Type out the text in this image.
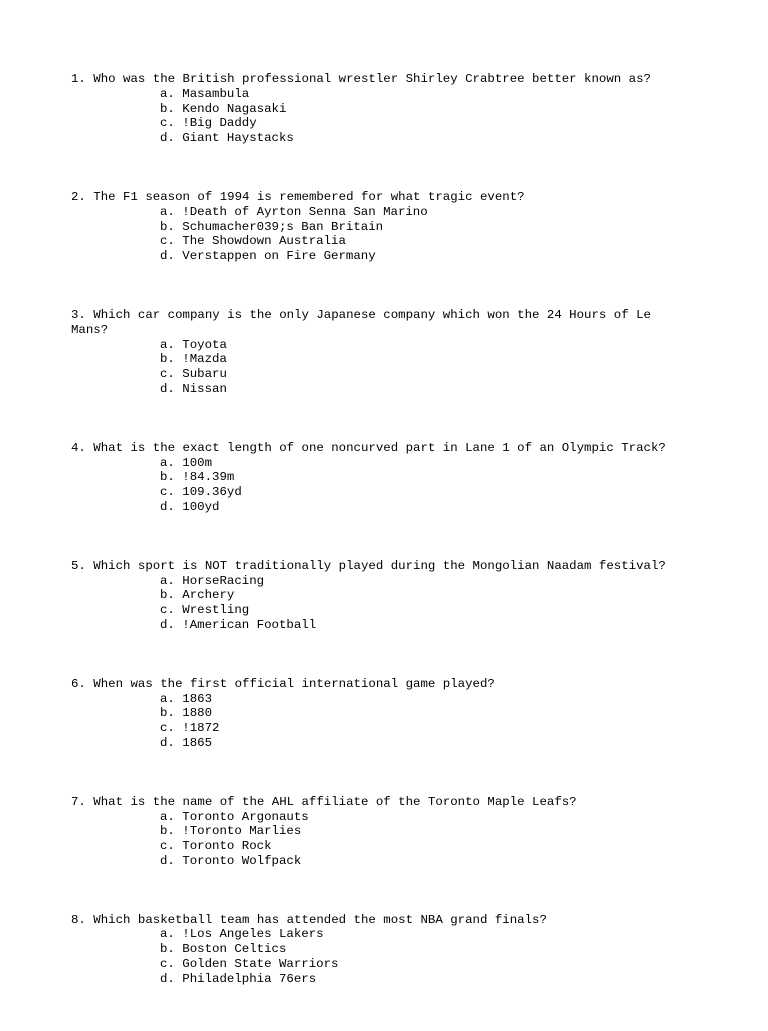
1. Who was the British professional wrestler Shirley Crabtree better known as?
a. Masambula
b. Kendo Nagasaki
c. !Big Daddy
d. Giant Haystacks
2. The F1 season of 1994 is remembered for what tragic event?
a. !Death of Ayrton Senna San Marino
b. Schumacher039;s Ban Britain
c. The Showdown Australia
d. Verstappen on Fire Germany
3. Which car company is the only Japanese company which won the 24 Hours of Le Mans?
a. Toyota
b. !Mazda
c. Subaru
d. Nissan
4. What is the exact length of one noncurved part in Lane 1 of an Olympic Track?
a. 100m
b. !84.39m
c. 109.36yd
d. 100yd
5. Which sport is NOT traditionally played during the Mongolian Naadam festival?
a. HorseRacing
b. Archery
c. Wrestling
d. !American Football
6. When was the first official international game played?
a. 1863
b. 1880
c. !1872
d. 1865
7. What is the name of the AHL affiliate of the Toronto Maple Leafs?
a. Toronto Argonauts
b. !Toronto Marlies
c. Toronto Rock
d. Toronto Wolfpack
8. Which basketball team has attended the most NBA grand finals?
a. !Los Angeles Lakers
b. Boston Celtics
c. Golden State Warriors
d. Philadelphia 76ers
